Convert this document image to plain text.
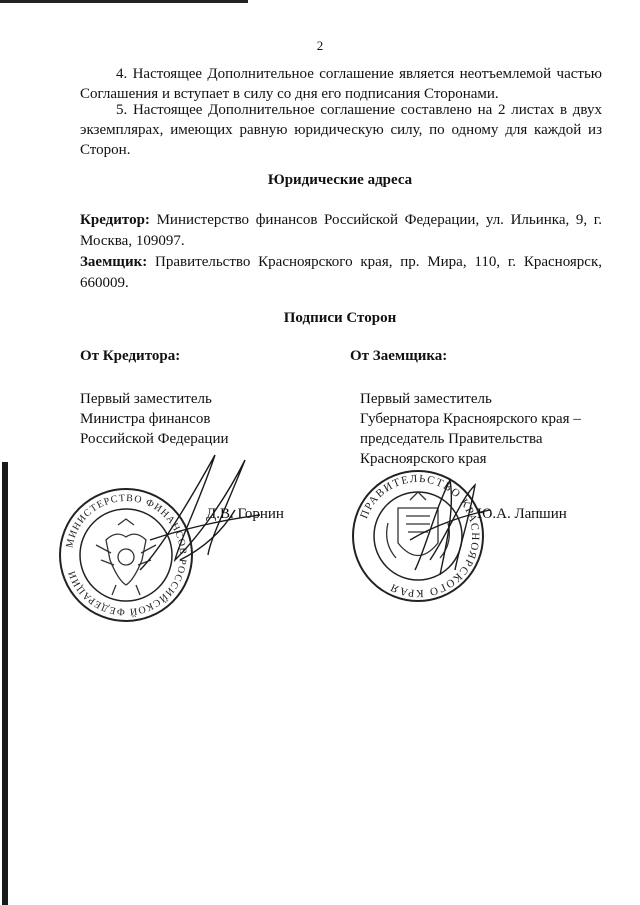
2
4. Настоящее Дополнительное соглашение является неотъемлемой частью Соглашения и вступает в силу со дня его подписания Сторонами.
5. Настоящее Дополнительное соглашение составлено на 2 листах в двух экземплярах, имеющих равную юридическую силу, по одному для каждой из Сторон.
Юридические адреса
Кредитор: Министерство финансов Российской Федерации, ул. Ильинка, 9, г. Москва, 109097.
Заемщик: Правительство Красноярского края, пр. Мира, 110, г. Красноярск, 660009.
Подписи Сторон
От Кредитора:	От Заемщика:
Первый заместитель
Министра финансов
Российской Федерации
Первый заместитель
Губернатора Красноярского края –
председатель Правительства
Красноярского края
МИНИСТЕРСТВО ФИНАНСОВ РОССИЙСКОЙ ФЕДЕРАЦИИ
Д.В. Горнин	ПРАВИТЕЛЬСТВО КРАСНОЯРСКОГО КРАЯ
Ю.А. Лапшин
